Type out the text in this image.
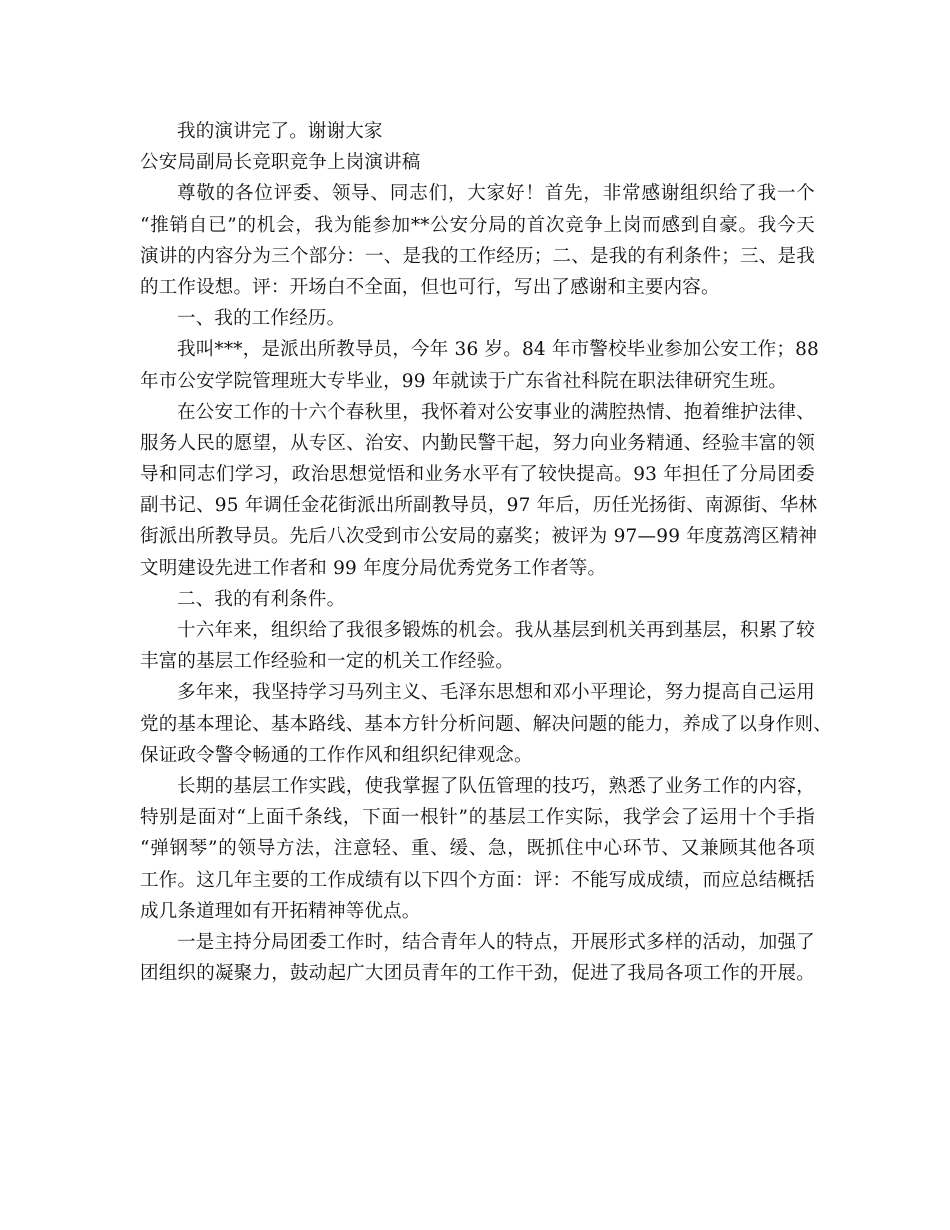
我的演讲完了。谢谢大家
公安局副局长竞职竞争上岗演讲稿
尊敬的各位评委、领导、同志们，大家好！首先，非常感谢组织给了我一个
“推销自已”的机会，我为能参加**公安分局的首次竞争上岗而感到自豪。我今天
演讲的内容分为三个部分：一、是我的工作经历；二、是我的有利条件；三、是我
的工作设想。评：开场白不全面，但也可行，写出了感谢和主要内容。
一、我的工作经历。
我叫***，是派出所教导员，今年 36 岁。84 年市警校毕业参加公安工作；88
年市公安学院管理班大专毕业，99 年就读于广东省社科院在职法律研究生班。
在公安工作的十六个春秋里，我怀着对公安事业的满腔热情、抱着维护法律、
服务人民的愿望，从专区、治安、内勤民警干起，努力向业务精通、经验丰富的领
导和同志们学习，政治思想觉悟和业务水平有了较快提高。93 年担任了分局团委
副书记、95 年调任金花街派出所副教导员，97 年后，历任光扬街、南源街、华林
街派出所教导员。先后八次受到市公安局的嘉奖；被评为 97—99 年度荔湾区精神
文明建设先进工作者和 99 年度分局优秀党务工作者等。
二、我的有利条件。
十六年来，组织给了我很多锻炼的机会。我从基层到机关再到基层，积累了较
丰富的基层工作经验和一定的机关工作经验。
多年来，我坚持学习马列主义、毛泽东思想和邓小平理论，努力提高自己运用
党的基本理论、基本路线、基本方针分析问题、解决问题的能力，养成了以身作则、
保证政令警令畅通的工作作风和组织纪律观念。
长期的基层工作实践，使我掌握了队伍管理的技巧，熟悉了业务工作的内容，
特别是面对“上面千条线，下面一根针”的基层工作实际，我学会了运用十个手指
“弹钢琴”的领导方法，注意轻、重、缓、急，既抓住中心环节、又兼顾其他各项
工作。这几年主要的工作成绩有以下四个方面：评：不能写成成绩，而应总结概括
成几条道理如有开拓精神等优点。
一是主持分局团委工作时，结合青年人的特点，开展形式多样的活动，加强了
团组织的凝聚力，鼓动起广大团员青年的工作干劲，促进了我局各项工作的开展。
